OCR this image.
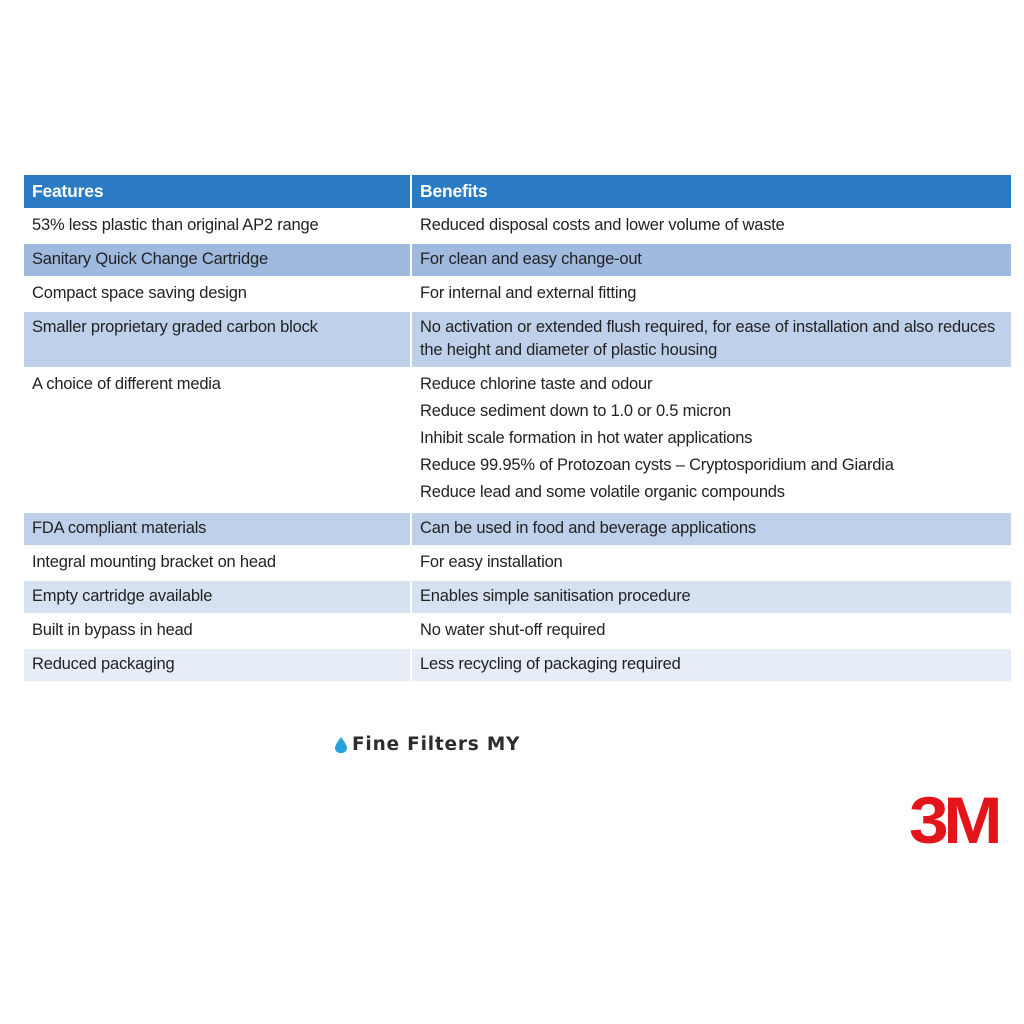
Features	Benefits
53% less plastic than original AP2 range	Reduced disposal costs and lower volume of waste
Sanitary Quick Change Cartridge	For clean and easy change-out
Compact space saving design	For internal and external fitting
Smaller proprietary graded carbon block	No activation or extended flush required, for ease of installation and also reduces the height and diameter of plastic housing
A choice of different media	Reduce chlorine taste and odour
Reduce sediment down to 1.0 or 0.5 micron
Inhibit scale formation in hot water applications
Reduce 99.95% of Protozoan cysts – Cryptosporidium and Giardia
Reduce lead and some volatile organic compounds

FDA compliant materials	Can be used in food and beverage applications
Integral mounting bracket on head	For easy installation
Empty cartridge available	Enables simple sanitisation procedure
Built in bypass in head	No water shut-off required
Reduced packaging	Less recycling of packaging required
Fine Filters MY
3M
